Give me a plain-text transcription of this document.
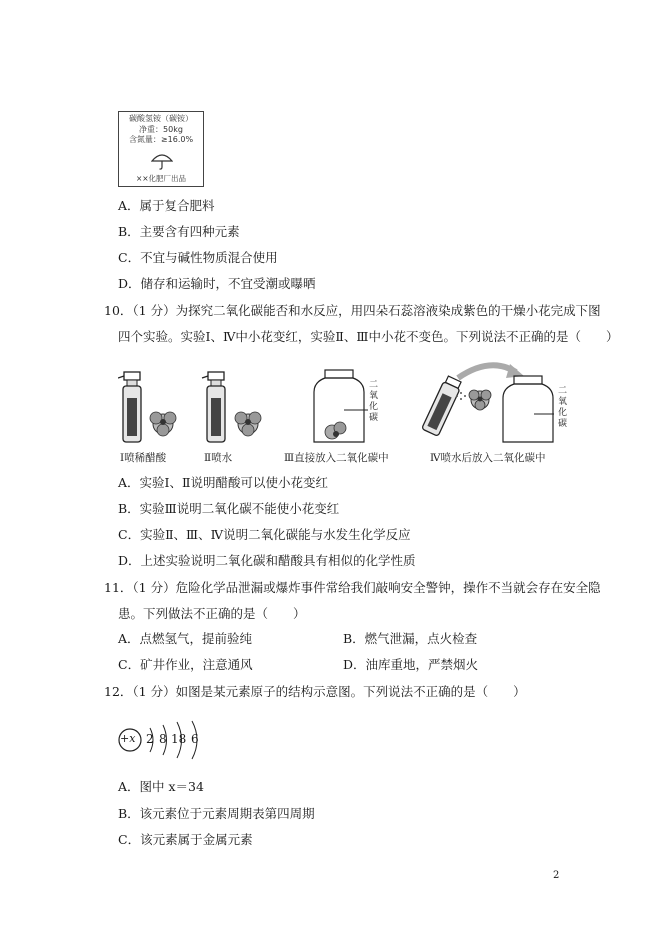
碳酸氢铵（碳铵）
净重：50kg
含氮量：≥16.0%
××化肥厂出品
A．属于复合肥料
B．主要含有四种元素
C．不宜与碱性物质混合使用
D．储存和运输时，不宜受潮或曝晒
10．（1 分）为探究二氧化碳能否和水反应，用四朵石蕊溶液染成紫色的干燥小花完成下图
四个实验。实验Ⅰ、Ⅳ中小花变红，实验Ⅱ、Ⅲ中小花不变色。下列说法不正确的是（　　）
二
氧
化
碳
二
氧
化
碳
Ⅰ喷稀醋酸	Ⅱ喷水	Ⅲ直接放入二氧化碳中	Ⅳ喷水后放入二氧化碳中
A．实验Ⅰ、Ⅱ说明醋酸可以使小花变红
B．实验Ⅲ说明二氧化碳不能使小花变红
C．实验Ⅱ、Ⅲ、Ⅳ说明二氧化碳能与水发生化学反应
D．上述实验说明二氧化碳和醋酸具有相似的化学性质
11．（1 分）危险化学品泄漏或爆炸事件常给我们敲响安全警钟，操作不当就会存在安全隐
患。下列做法不正确的是（　　）
A．点燃氢气，提前验纯	B．燃气泄漏，点火检查
C．矿井作业，注意通风	D．油库重地，严禁烟火
12．（1 分）如图是某元素原子的结构示意图。下列说法不正确的是（　　）
+x 2 8 18 6
A．图中 x＝34
B．该元素位于元素周期表第四周期
C．该元素属于金属元素
2
